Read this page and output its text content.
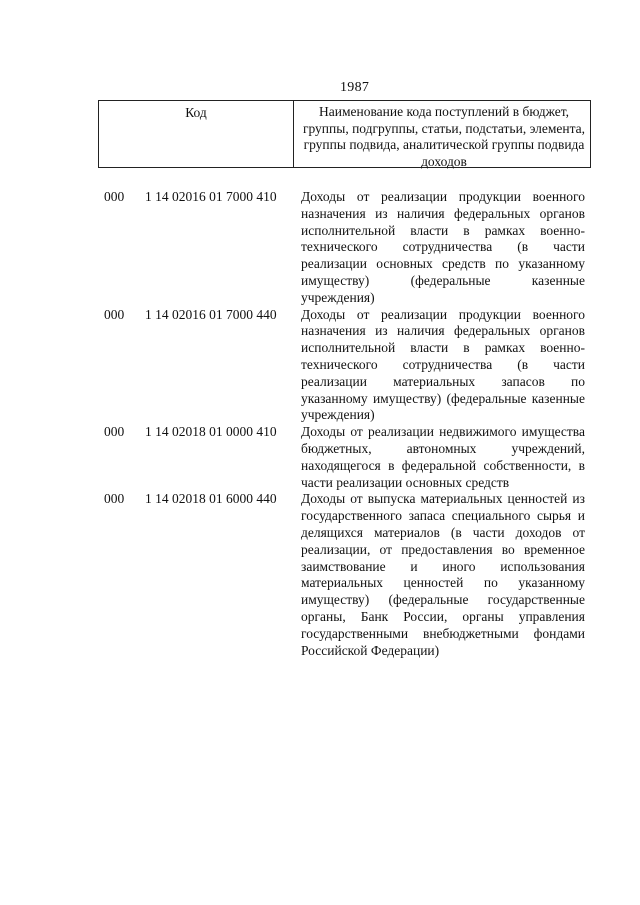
1987
Код	Наименование кода поступлений в бюджет, группы, подгруппы, статьи, подстатьи, элемента, группы подвида, аналитической группы подвида доходов
000 1 14 02016 01 7000 410 Доходы от реализации продукции военного назначения из наличия федеральных органов исполнительной власти в рамках военно-технического сотрудничества (в части реализации основных средств по указанному имуществу) (федеральные казенные учреждения)
000 1 14 02016 01 7000 440 Доходы от реализации продукции военного назначения из наличия федеральных органов исполнительной власти в рамках военно-технического сотрудничества (в части реализации материальных запасов по указанному имуществу) (федеральные казенные учреждения)
000 1 14 02018 01 0000 410 Доходы от реализации недвижимого имущества бюджетных, автономных учреждений, находящегося в федеральной собственности, в части реализации основных средств
000 1 14 02018 01 6000 440 Доходы от выпуска материальных ценностей из государственного запаса специального сырья и делящихся материалов (в части доходов от реализации, от предоставления во временное заимствование и иного использования материальных ценностей по указанному имуществу) (федеральные государственные органы, Банк России, органы управления государственными внебюджетными фондами Российской Федерации)
